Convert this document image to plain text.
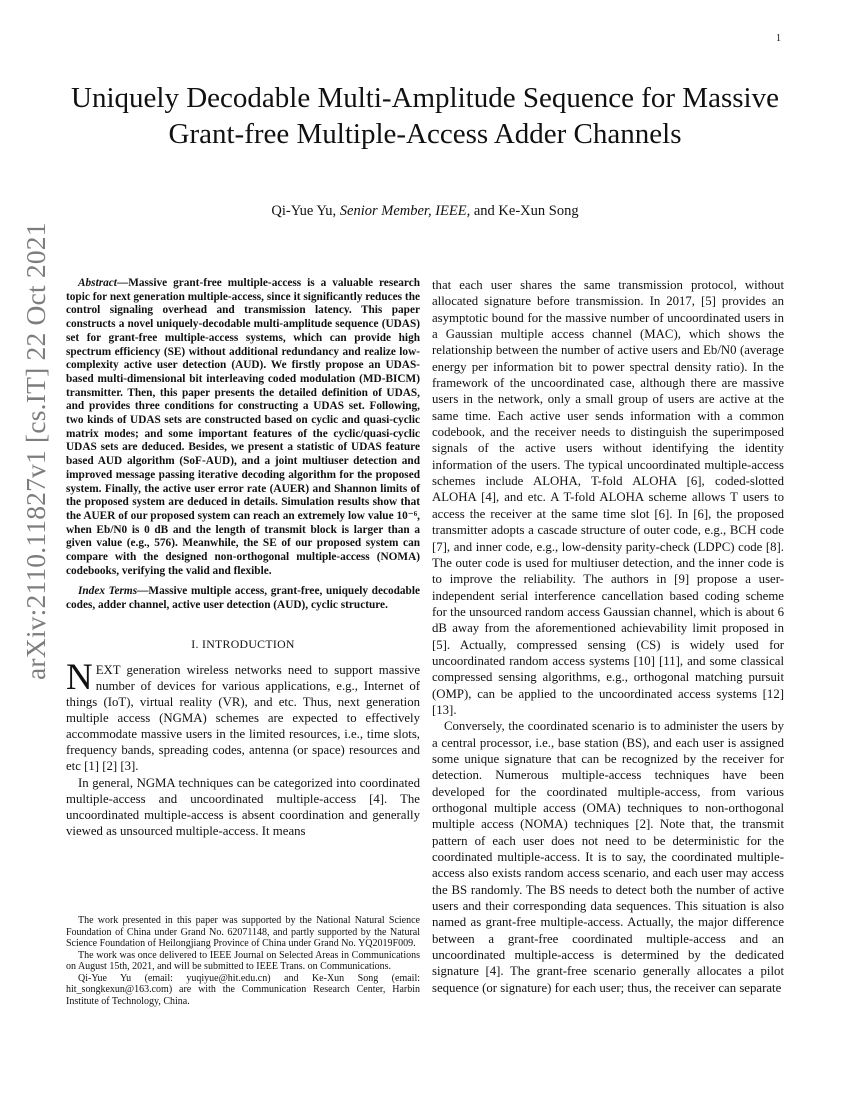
1
arXiv:2110.11827v1 [cs.IT] 22 Oct 2021
Uniquely Decodable Multi-Amplitude Sequence for Massive Grant-free Multiple-Access Adder Channels
Qi-Yue Yu, Senior Member, IEEE, and Ke-Xun Song

Abstract—Massive grant-free multiple-access is a valuable research topic for next generation multiple-access, since it significantly reduces the control signaling overhead and transmission latency. This paper constructs a novel uniquely-decodable multi-amplitude sequence (UDAS) set for grant-free multiple-access systems, which can provide high spectrum efficiency (SE) without additional redundancy and realize low-complexity active user detection (AUD). We firstly propose an UDAS-based multi-dimensional bit interleaving coded modulation (MD-BICM) transmitter. Then, this paper presents the detailed definition of UDAS, and provides three conditions for constructing a UDAS set. Following, two kinds of UDAS sets are constructed based on cyclic and quasi-cyclic matrix modes; and some important features of the cyclic/quasi-cyclic UDAS sets are deduced. Besides, we present a statistic of UDAS feature based AUD algorithm (SoF-AUD), and a joint multiuser detection and improved message passing iterative decoding algorithm for the proposed system. Finally, the active user error rate (AUER) and Shannon limits of the proposed system are deduced in details. Simulation results show that the AUER of our proposed system can reach an extremely low value 10⁻⁶, when Eb/N0 is 0 dB and the length of transmit block is larger than a given value (e.g., 576). Meanwhile, the SE of our proposed system can compare with the designed non-orthogonal multiple-access (NOMA) codebooks, verifying the valid and flexible.

Index Terms—Massive multiple access, grant-free, uniquely decodable codes, adder channel, active user detection (AUD), cyclic structure.

I. INTRODUCTION

NEXT generation wireless networks need to support massive number of devices for various applications, e.g., Internet of things (IoT), virtual reality (VR), and etc. Thus, next generation multiple access (NGMA) schemes are expected to effectively accommodate massive users in the limited resources, i.e., time slots, frequency bands, spreading codes, antenna (or space) resources and etc [1] [2] [3].

In general, NGMA techniques can be categorized into coordinated multiple-access and uncoordinated multiple-access [4]. The uncoordinated multiple-access is absent coordination and generally viewed as unsourced multiple-access. It means

The work presented in this paper was supported by the National Natural Science Foundation of China under Grand No. 62071148, and partly supported by the Natural Science Foundation of Heilongjiang Province of China under Grand No. YQ2019F009.

The work was once delivered to IEEE Journal on Selected Areas in Communications on August 15th, 2021, and will be submitted to IEEE Trans. on Communications.

Qi-Yue Yu (email: yuqiyue@hit.edu.cn) and Ke-Xun Song (email: hit_songkexun@163.com) are with the Communication Research Center, Harbin Institute of Technology, China.

that each user shares the same transmission protocol, without allocated signature before transmission. In 2017, [5] provides an asymptotic bound for the massive number of uncoordinated users in a Gaussian multiple access channel (MAC), which shows the relationship between the number of active users and Eb/N0 (average energy per information bit to power spectral density ratio). In the framework of the uncoordinated case, although there are massive users in the network, only a small group of users are active at the same time. Each active user sends information with a common codebook, and the receiver needs to distinguish the superimposed signals of the active users without identifying the identity information of the users. The typical uncoordinated multiple-access schemes include ALOHA, T-fold ALOHA [6], coded-slotted ALOHA [4], and etc. A T-fold ALOHA scheme allows T users to access the receiver at the same time slot [6]. In [6], the proposed transmitter adopts a cascade structure of outer code, e.g., BCH code [7], and inner code, e.g., low-density parity-check (LDPC) code [8]. The outer code is used for multiuser detection, and the inner code is to improve the reliability. The authors in [9] propose a user-independent serial interference cancellation based coding scheme for the unsourced random access Gaussian channel, which is about 6 dB away from the aforementioned achievability limit proposed in [5]. Actually, compressed sensing (CS) is widely used for uncoordinated random access systems [10] [11], and some classical compressed sensing algorithms, e.g., orthogonal matching pursuit (OMP), can be applied to the uncoordinated access systems [12] [13].

Conversely, the coordinated scenario is to administer the users by a central processor, i.e., base station (BS), and each user is assigned some unique signature that can be recognized by the receiver for detection. Numerous multiple-access techniques have been developed for the coordinated multiple-access, from various orthogonal multiple access (OMA) techniques to non-orthogonal multiple access (NOMA) techniques [2]. Note that, the transmit pattern of each user does not need to be deterministic for the coordinated multiple-access. It is to say, the coordinated multiple-access also exists random access scenario, and each user may access the BS randomly. The BS needs to detect both the number of active users and their corresponding data sequences. This situation is also named as grant-free multiple-access. Actually, the major difference between a grant-free coordinated multiple-access and an uncoordinated multiple-access is determined by the dedicated signature [4]. The grant-free scenario generally allocates a pilot sequence (or signature) for each user; thus, the receiver can separate
